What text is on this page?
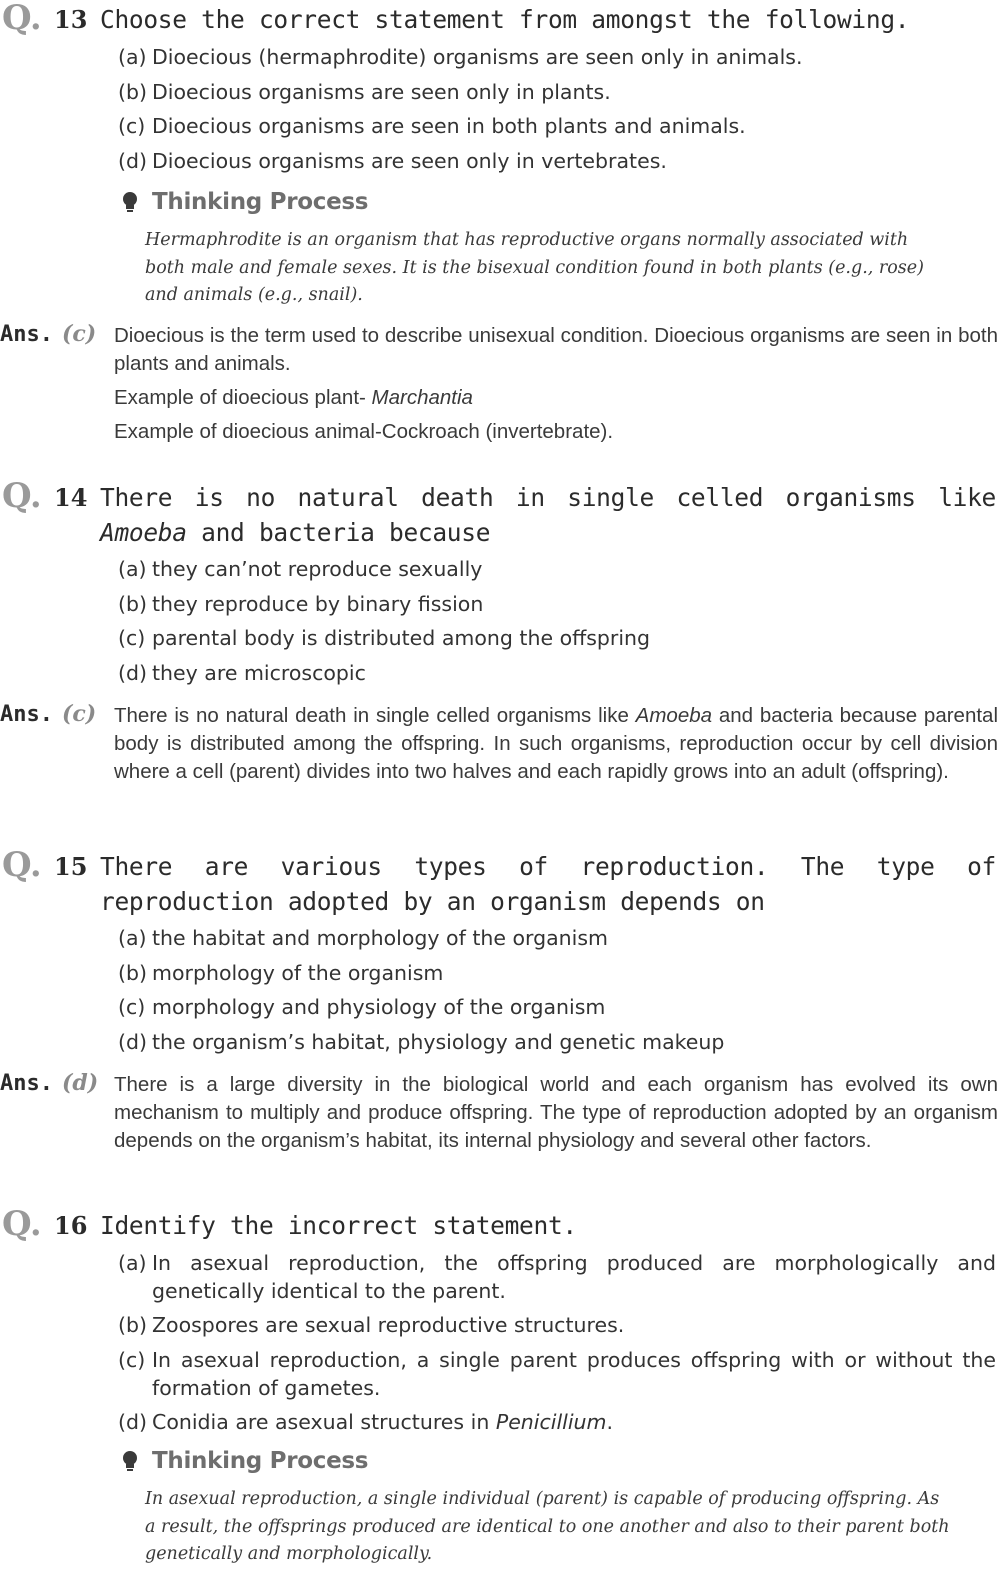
Q. 13 Choose the correct statement from amongst the following.
(a) Dioecious (hermaphrodite) organisms are seen only in animals.
(b) Dioecious organisms are seen only in plants.
(c) Dioecious organisms are seen in both plants and animals.
(d) Dioecious organisms are seen only in vertebrates.
Thinking Process
Hermaphrodite is an organism that has reproductive organs normally associated with both male and female sexes. It is the bisexual condition found in both plants (e.g., rose) and animals (e.g., snail).
Ans. (c) Dioecious is the term used to describe unisexual condition. Dioecious organisms are seen in both plants and animals.

Example of dioecious plant- Marchantia

Example of dioecious animal-Cockroach (invertebrate).

Q. 14 There is no natural death in single celled organisms like Amoeba and bacteria because
(a) they can’not reproduce sexually
(b) they reproduce by binary fission
(c) parental body is distributed among the offspring
(d) they are microscopic
Ans. (c) There is no natural death in single celled organisms like Amoeba and bacteria because parental body is distributed among the offspring. In such organisms, reproduction occur by cell division where a cell (parent) divides into two halves and each rapidly grows into an adult (offspring).

Q. 15 There are various types of reproduction. The type of reproduction adopted by an organism depends on
(a) the habitat and morphology of the organism
(b) morphology of the organism
(c) morphology and physiology of the organism
(d) the organism’s habitat, physiology and genetic makeup
Ans. (d) There is a large diversity in the biological world and each organism has evolved its own mechanism to multiply and produce offspring. The type of reproduction adopted by an organism depends on the organism’s habitat, its internal physiology and several other factors.

Q. 16 Identify the incorrect statement.
(a) In asexual reproduction, the offspring produced are morphologically and genetically identical to the parent.
(b) Zoospores are sexual reproductive structures.
(c) In asexual reproduction, a single parent produces offspring with or without the formation of gametes.
(d) Conidia are asexual structures in Penicillium.
Thinking Process
In asexual reproduction, a single individual (parent) is capable of producing offspring. As a result, the offsprings produced are identical to one another and also to their parent both genetically and morphologically.
